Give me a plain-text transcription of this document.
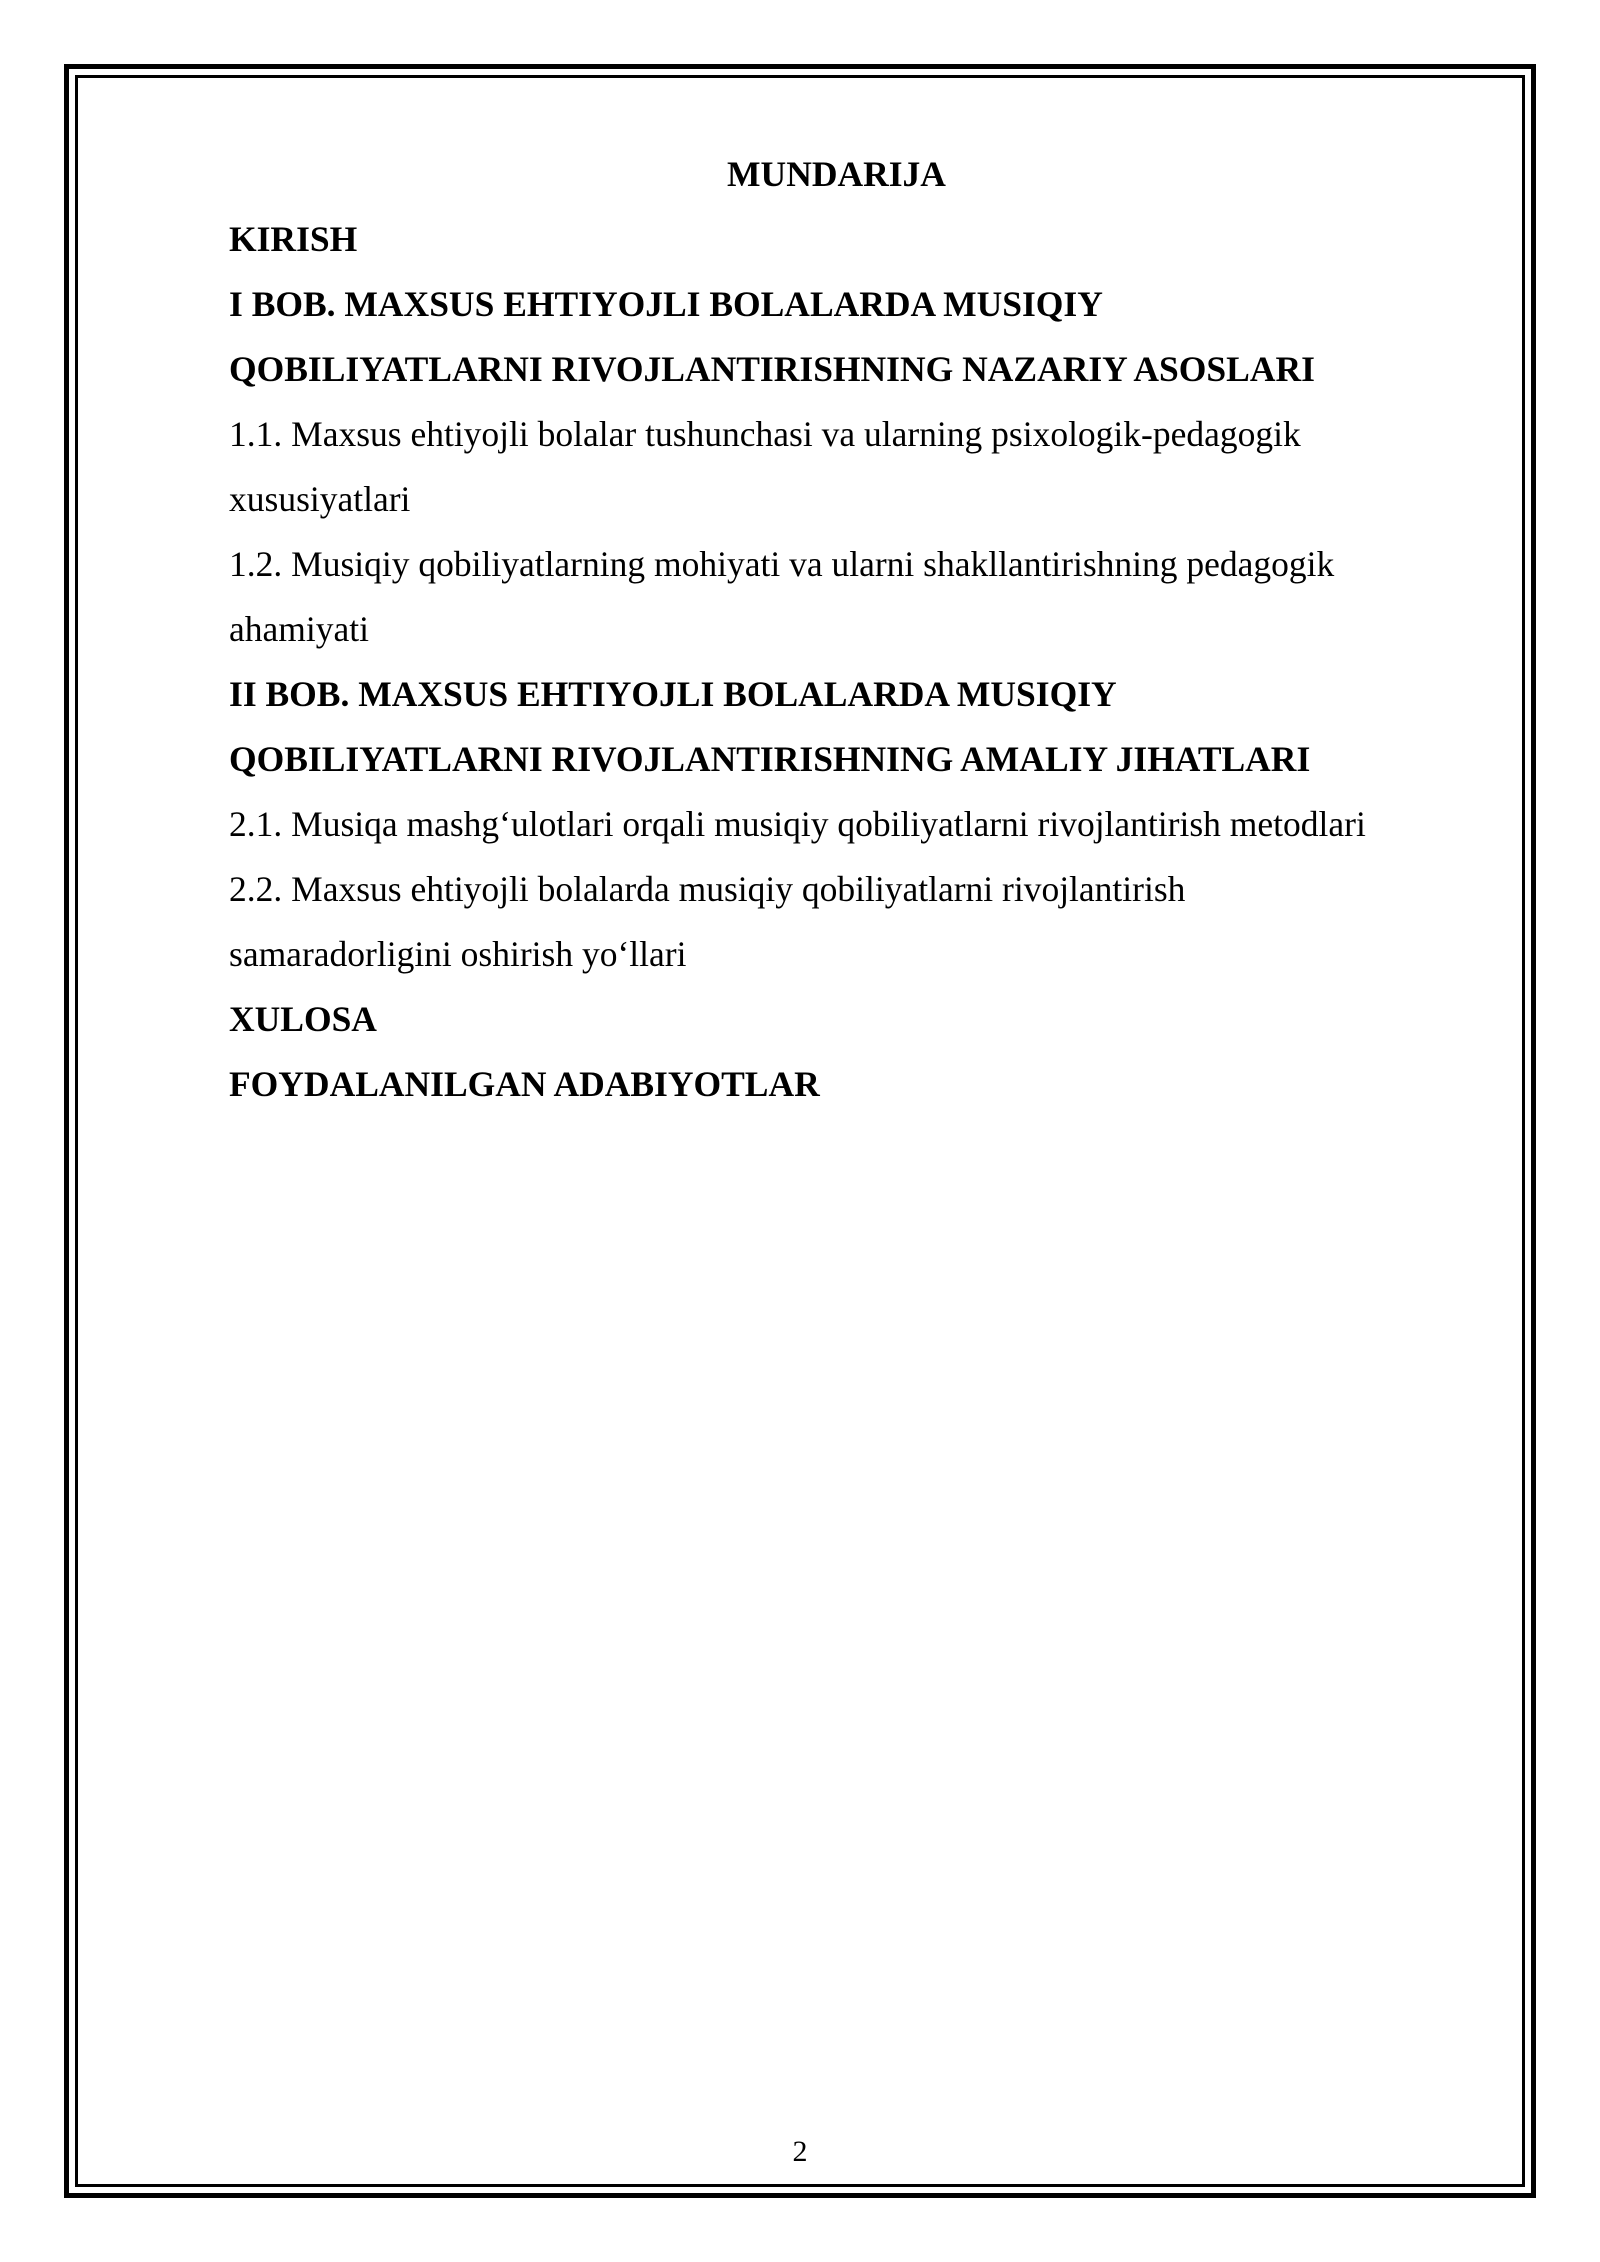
MUNDARIJA

KIRISH

I BOB. MAXSUS EHTIYOJLI BOLALARDA MUSIQIY

QOBILIYATLARNI RIVOJLANTIRISHNING NAZARIY ASOSLARI

1.1. Maxsus ehtiyojli bolalar tushunchasi va ularning psixologik-pedagogik

xususiyatlari

1.2. Musiqiy qobiliyatlarning mohiyati va ularni shakllantirishning pedagogik

ahamiyati

II BOB. MAXSUS EHTIYOJLI BOLALARDA MUSIQIY

QOBILIYATLARNI RIVOJLANTIRISHNING AMALIY JIHATLARI

2.1. Musiqa mashg‘ulotlari orqali musiqiy qobiliyatlarni rivojlantirish metodlari

2.2. Maxsus ehtiyojli bolalarda musiqiy qobiliyatlarni rivojlantirish

samaradorligini oshirish yo‘llari

XULOSA

FOYDALANILGAN ADABIYOTLAR

2
